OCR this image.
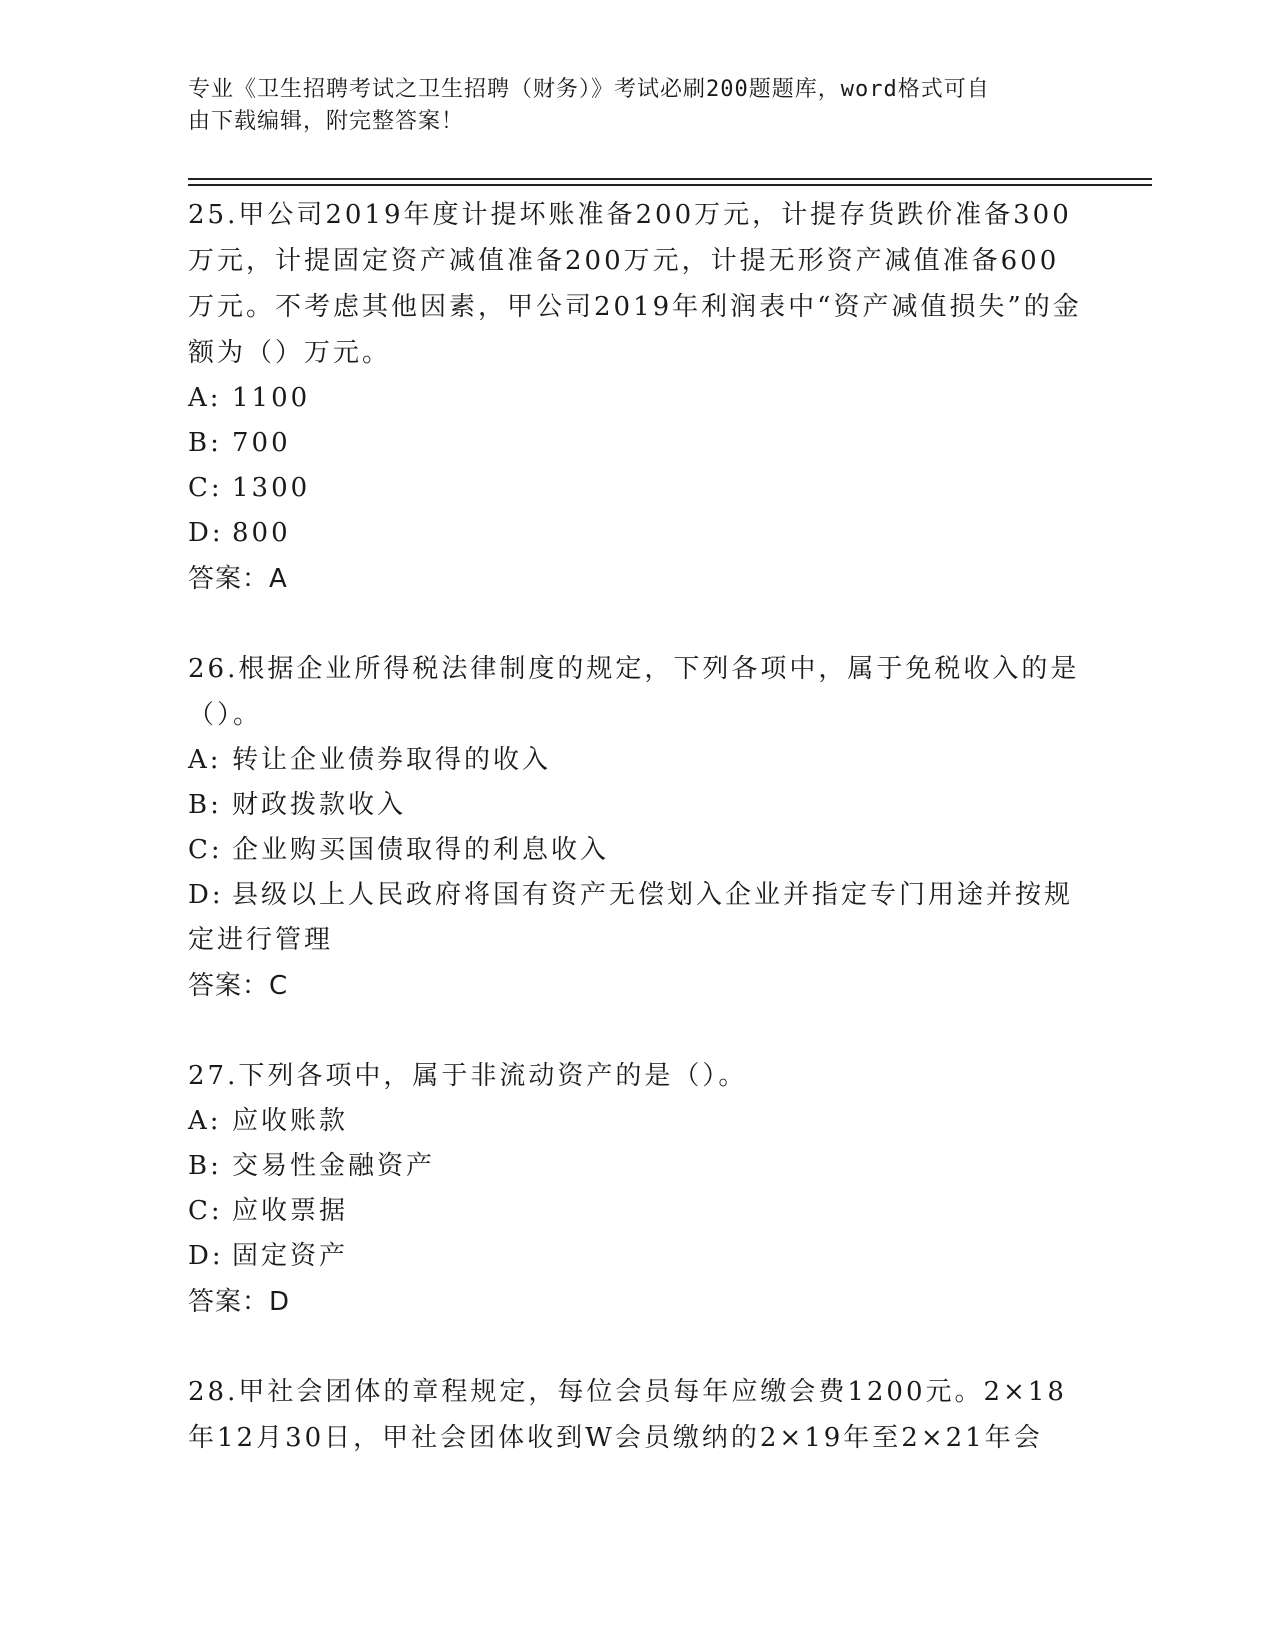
专业《卫生招聘考试之卫生招聘（财务）》考试必刷200题题库，word格式可自
由下载编辑，附完整答案！

25.甲公司2019年度计提坏账准备200万元，计提存货跌价准备300万元，计提固定资产减值准备200万元，计提无形资产减值准备600万元。不考虑其他因素，甲公司2019年利润表中“资产减值损失”的金额为（）万元。

A: 1100

B: 700

C: 1300

D: 800

答案：A

26.根据企业所得税法律制度的规定，下列各项中，属于免税收入的是（）。

A: 转让企业债券取得的收入

B: 财政拨款收入

C: 企业购买国债取得的利息收入

D: 县级以上人民政府将国有资产无偿划入企业并指定专门用途并按规定进行管理

答案：C

27.下列各项中，属于非流动资产的是（）。

A: 应收账款

B: 交易性金融资产

C: 应收票据

D: 固定资产

答案：D

28.甲社会团体的章程规定，每位会员每年应缴会费1200元。2×18年12月30日，甲社会团体收到W会员缴纳的2×19年至2×21年会
